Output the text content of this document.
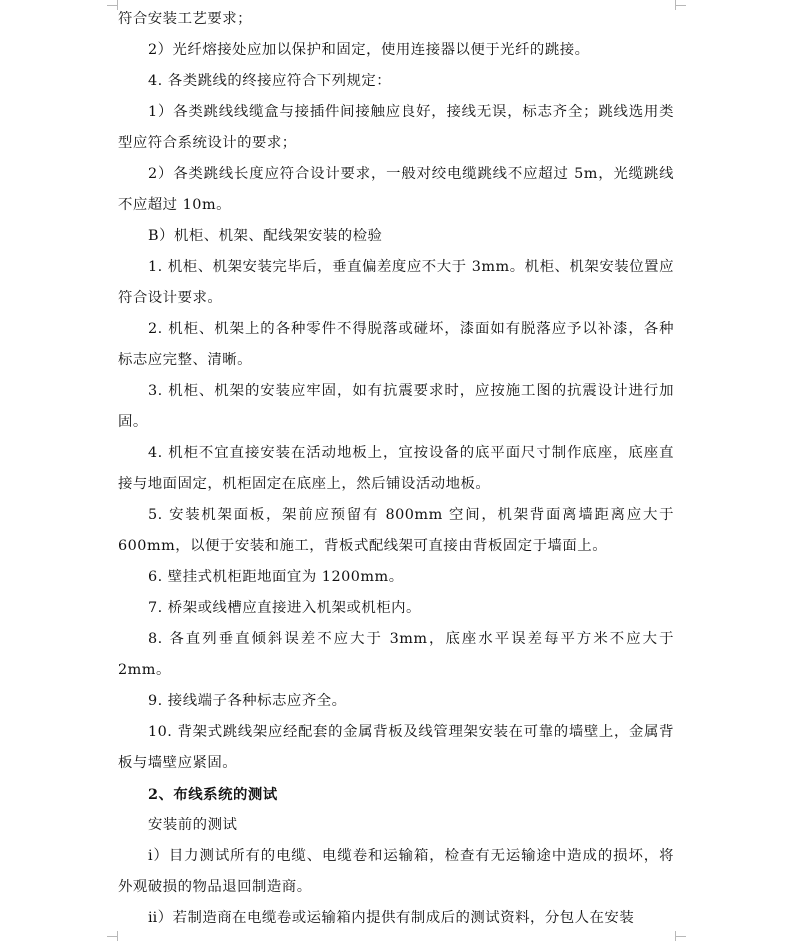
符合安装工艺要求；

2）光纤熔接处应加以保护和固定，使用连接器以便于光纤的跳接。

4. 各类跳线的终接应符合下列规定：

1）各类跳线线缆盒与接插件间接触应良好，接线无误，标志齐全；跳线选用类型应符合系统设计的要求；

2）各类跳线长度应符合设计要求，一般对绞电缆跳线不应超过 5m，光缆跳线不应超过 10m。

B）机柜、机架、配线架安装的检验

1. 机柜、机架安装完毕后，垂直偏差度应不大于 3mm。机柜、机架安装位置应符合设计要求。

2. 机柜、机架上的各种零件不得脱落或碰坏，漆面如有脱落应予以补漆，各种标志应完整、清晰。

3. 机柜、机架的安装应牢固，如有抗震要求时，应按施工图的抗震设计进行加固。

4. 机柜不宜直接安装在活动地板上，宜按设备的底平面尺寸制作底座，底座直接与地面固定，机柜固定在底座上，然后铺设活动地板。

5. 安装机架面板，架前应预留有 800mm 空间，机架背面离墙距离应大于600mm，以便于安装和施工，背板式配线架可直接由背板固定于墙面上。

6. 壁挂式机柜距地面宜为 1200mm。

7. 桥架或线槽应直接进入机架或机柜内。

8. 各直列垂直倾斜误差不应大于 3mm，底座水平误差每平方米不应大于2mm。

9. 接线端子各种标志应齐全。

10. 背架式跳线架应经配套的金属背板及线管理架安装在可靠的墙壁上，金属背板与墙壁应紧固。

2、布线系统的测试

安装前的测试

ⅰ）目力测试所有的电缆、电缆卷和运输箱，检查有无运输途中造成的损坏，将外观破损的物品退回制造商。

ⅱ）若制造商在电缆卷或运输箱内提供有制成后的测试资料，分包人在安装
